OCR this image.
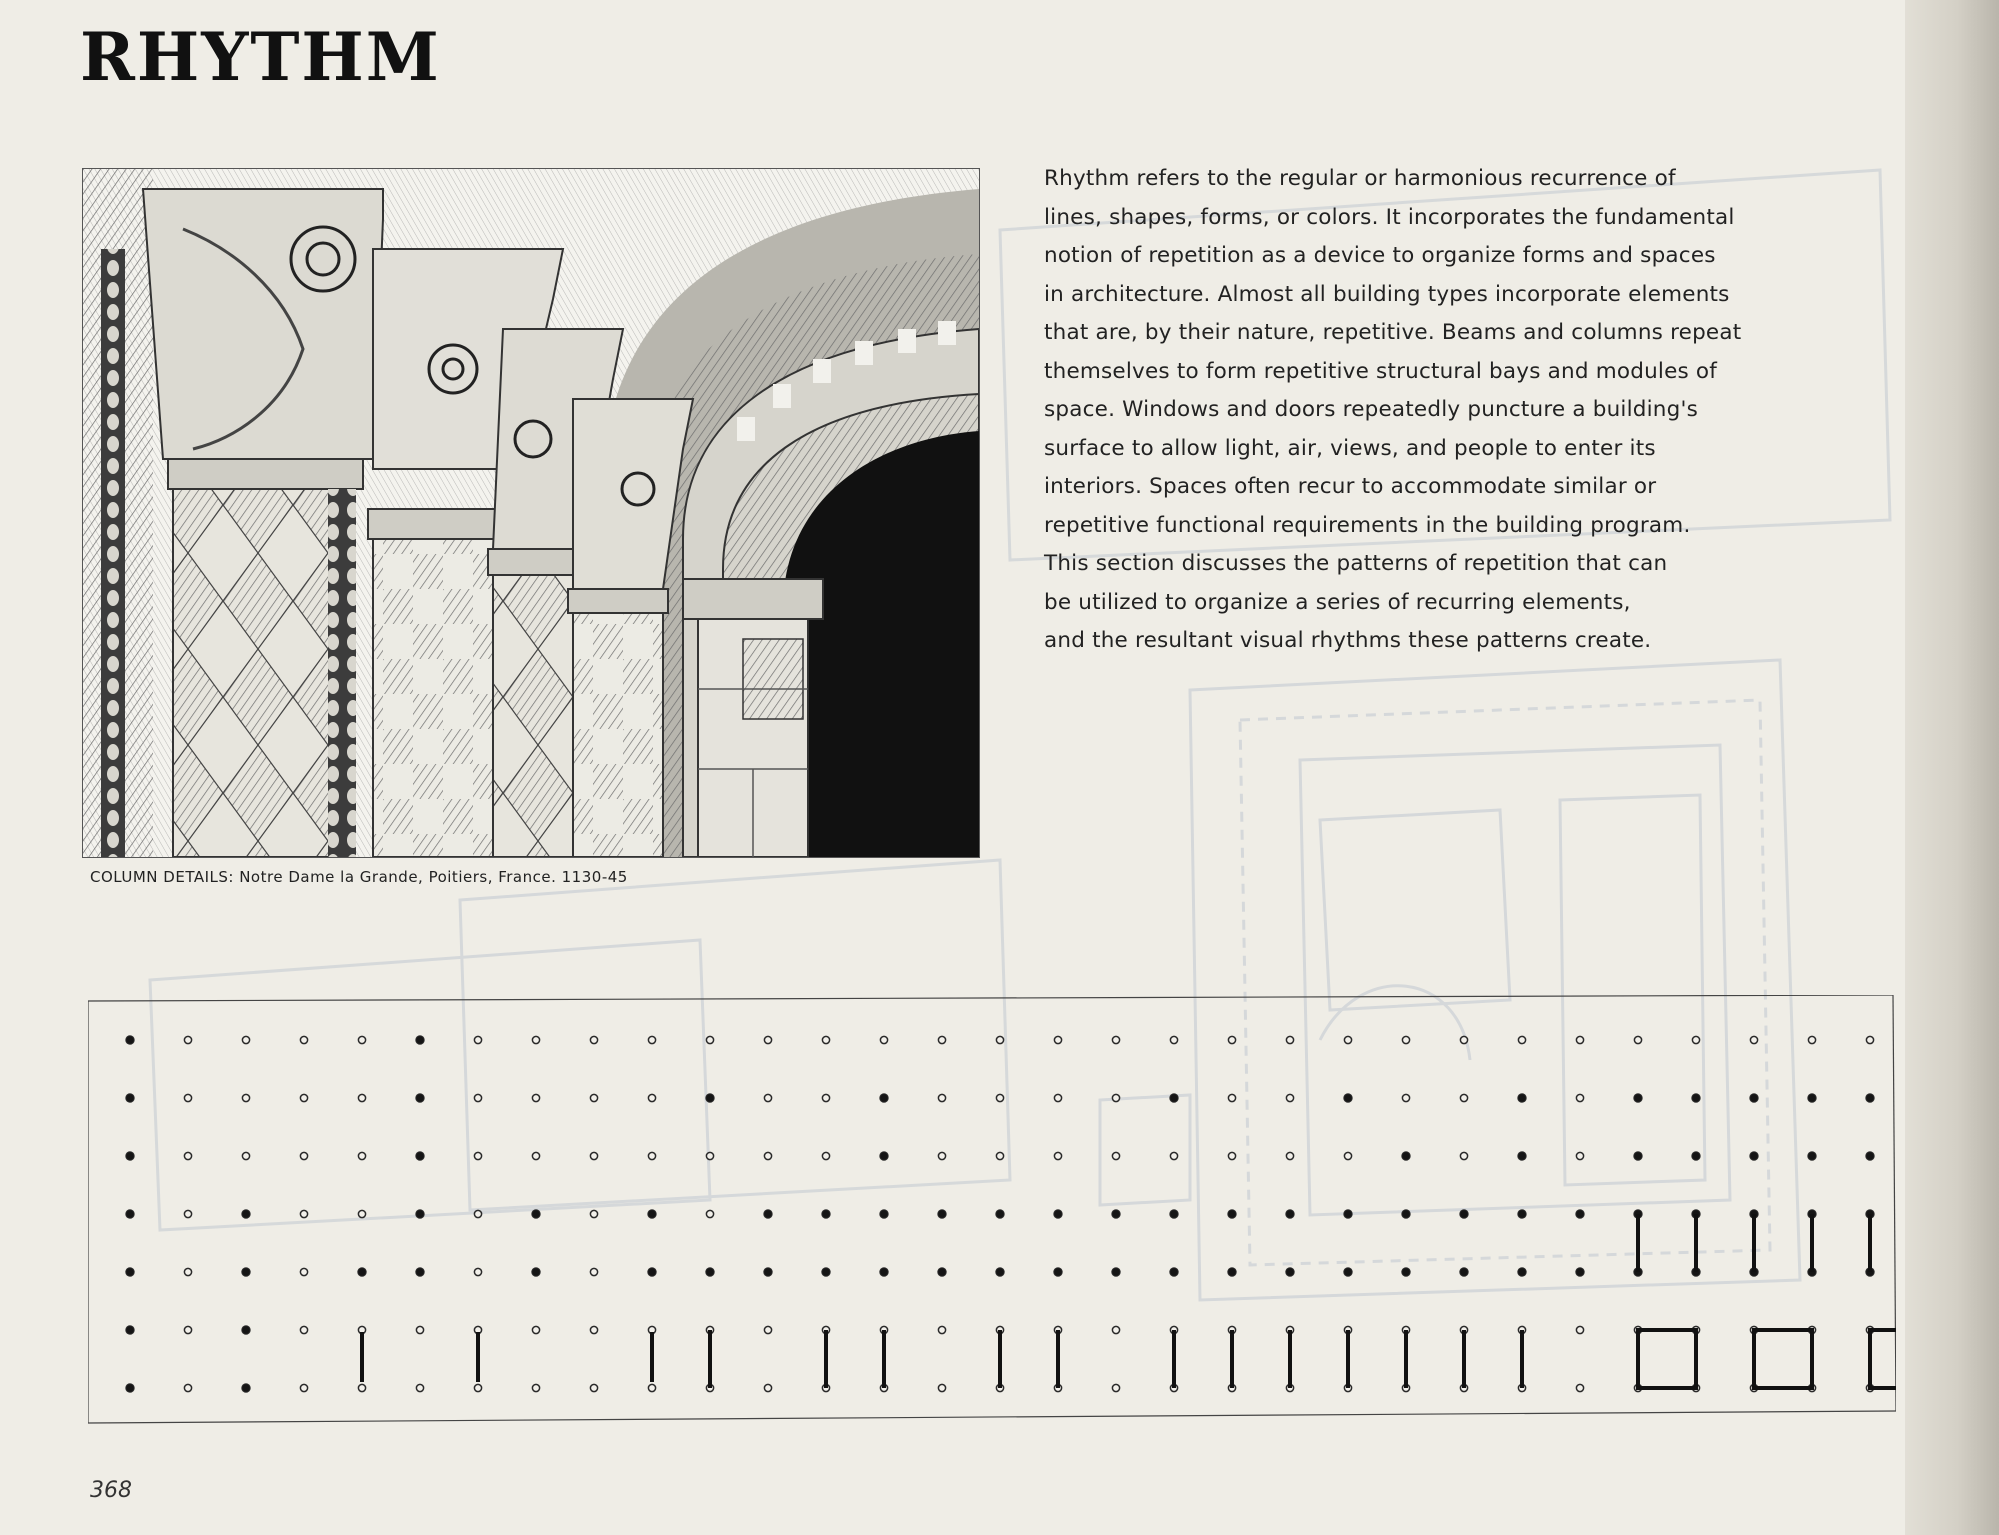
RHYTHM
COLUMN DETAILS: Notre Dame la Grande, Poitiers, France. 1130-45
Rhythm refers to the regular or harmonious recurrence of
lines, shapes, forms, or colors. It incorporates the fundamental
notion of repetition as a device to organize forms and spaces
in architecture. Almost all building types incorporate elements
that are, by their nature, repetitive. Beams and columns repeat
themselves to form repetitive structural bays and modules of
space. Windows and doors repeatedly puncture a building's
surface to allow light, air, views, and people to enter its
interiors. Spaces often recur to accommodate similar or
repetitive functional requirements in the building program.
This section discusses the patterns of repetition that can
be utilized to organize a series of recurring elements,
and the resultant visual rhythms these patterns create.
368
